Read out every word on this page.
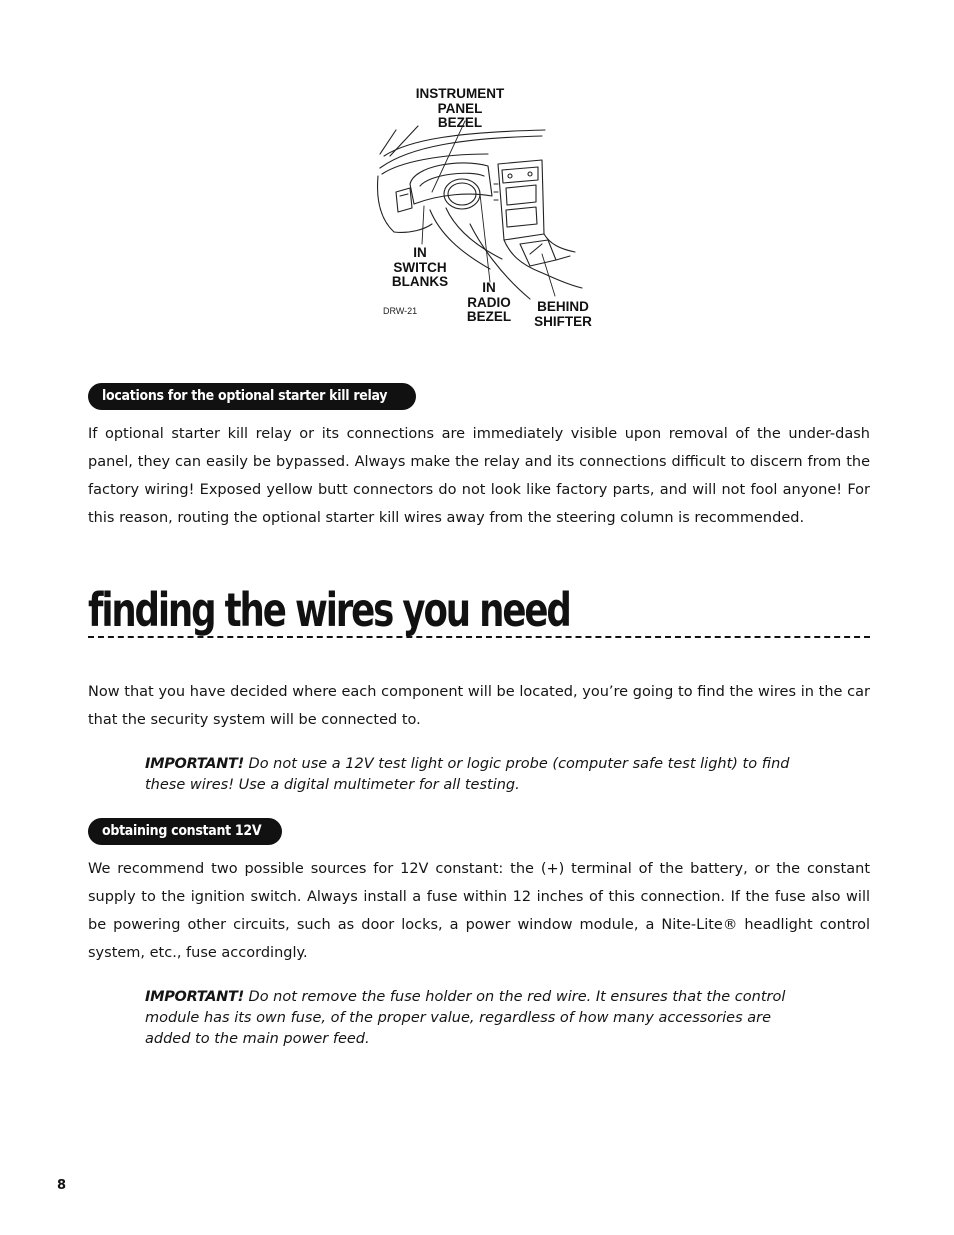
INSTRUMENT
PANEL
BEZEL
IN
SWITCH
BLANKS	IN
RADIO
BEZEL
BEHIND
SHIFTER
DRW-21
locations for the optional starter kill relay
If optional starter kill relay or its connections are immediately visible upon removal of the under-dash panel, they can easily be bypassed. Always make the relay and its connections difficult to discern from the factory wiring! Exposed yellow butt connectors do not look like factory parts, and will not fool anyone! For this reason, routing the optional starter kill wires away from the steering column is recommended.
finding the wires you need
Now that you have decided where each component will be located, you’re going to find the wires in the car that the security system will be connected to.
IMPORTANT! Do not use a 12V test light or logic probe (computer safe test light) to find these wires! Use a digital multimeter for all testing.
obtaining constant 12V
We recommend two possible sources for 12V constant: the (+) terminal of the battery, or the constant supply to the ignition switch. Always install a fuse within 12 inches of this connection. If the fuse also will be powering other circuits, such as door locks, a power window module, a Nite-Lite® headlight control system, etc., fuse accordingly.
IMPORTANT! Do not remove the fuse holder on the red wire. It ensures that the control module has its own fuse, of the proper value, regardless of how many accessories are added to the main power feed.
8
